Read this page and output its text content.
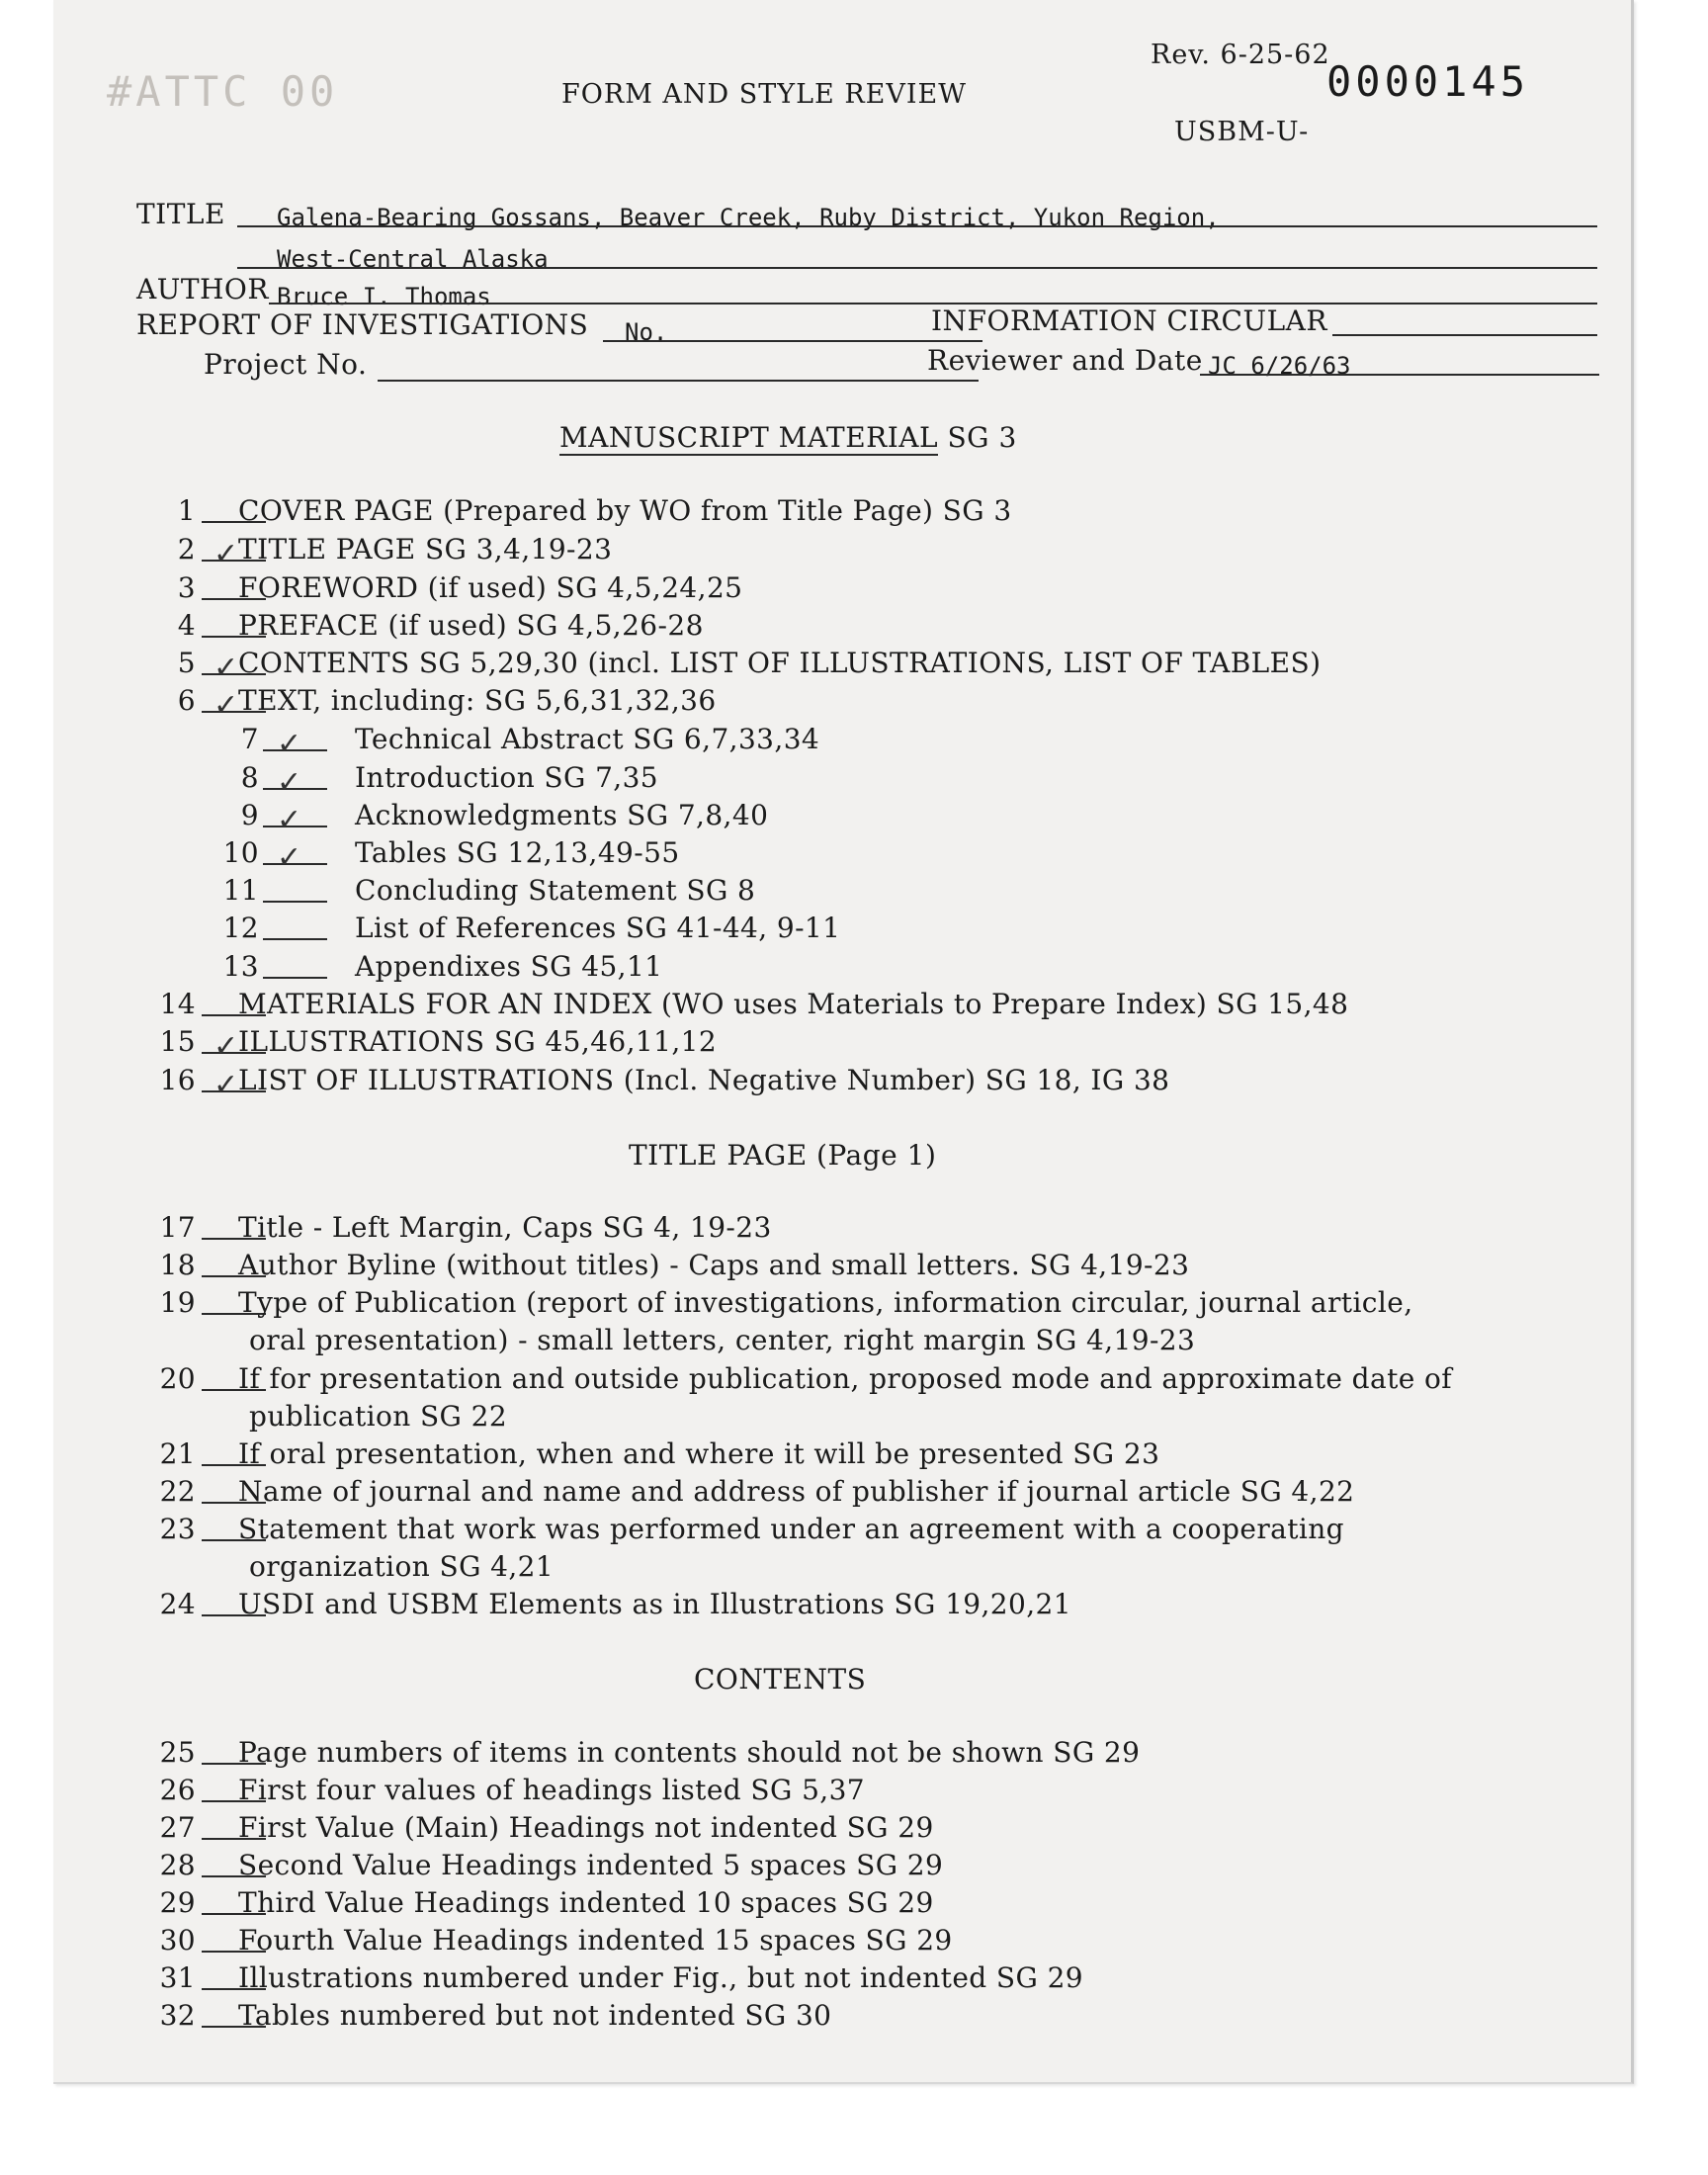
#ATTC 00
Rev. 6-25-62
0000145
FORM AND STYLE REVIEW
USBM-U-
TITLE Galena-Bearing Gossans, Beaver Creek, Ruby District, Yukon Region,
West-Central Alaska
AUTHOR Bruce I. Thomas
REPORT OF INVESTIGATIONS No.	INFORMATION CIRCULAR
Project No.	Reviewer and Date JC 6/26/63
MANUSCRIPT MATERIAL SG 3
1 COVER PAGE (Prepared by WO from Title Page) SG 3
2 ✓ TITLE PAGE SG 3,4,19-23
3 FOREWORD (if used) SG 4,5,24,25
4 PREFACE (if used) SG 4,5,26-28
5 ✓ CONTENTS SG 5,29,30 (incl. LIST OF ILLUSTRATIONS, LIST OF TABLES)
6 ✓ TEXT, including: SG 5,6,31,32,36
7 ✓ Technical Abstract SG 6,7,33,34
8 ✓ Introduction SG 7,35
9 ✓ Acknowledgments SG 7,8,40
10 ✓ Tables SG 12,13,49-55
11	Concluding Statement SG 8
12	List of References SG 41-44, 9-11
13	Appendixes SG 45,11
14 MATERIALS FOR AN INDEX (WO uses Materials to Prepare Index) SG 15,48
15 ✓ ILLUSTRATIONS SG 45,46,11,12
16 ✓ LIST OF ILLUSTRATIONS (Incl. Negative Number) SG 18, IG 38
TITLE PAGE (Page 1)
17 Title - Left Margin, Caps SG 4, 19-23
18 Author Byline (without titles) - Caps and small letters. SG 4,19-23
19 Type of Publication (report of investigations, information circular, journal article,
oral presentation) - small letters, center, right margin SG 4,19-23
20 If for presentation and outside publication, proposed mode and approximate date of
publication SG 22
21 If oral presentation, when and where it will be presented SG 23
22 Name of journal and name and address of publisher if journal article SG 4,22
23 Statement that work was performed under an agreement with a cooperating
organization SG 4,21
24 USDI and USBM Elements as in Illustrations SG 19,20,21
CONTENTS
25 Page numbers of items in contents should not be shown SG 29
26 First four values of headings listed SG 5,37
27 First Value (Main) Headings not indented SG 29
28 Second Value Headings indented 5 spaces SG 29
29 Third Value Headings indented 10 spaces SG 29
30 Fourth Value Headings indented 15 spaces SG 29
31 Illustrations numbered under Fig., but not indented SG 29
32 Tables numbered but not indented SG 30
